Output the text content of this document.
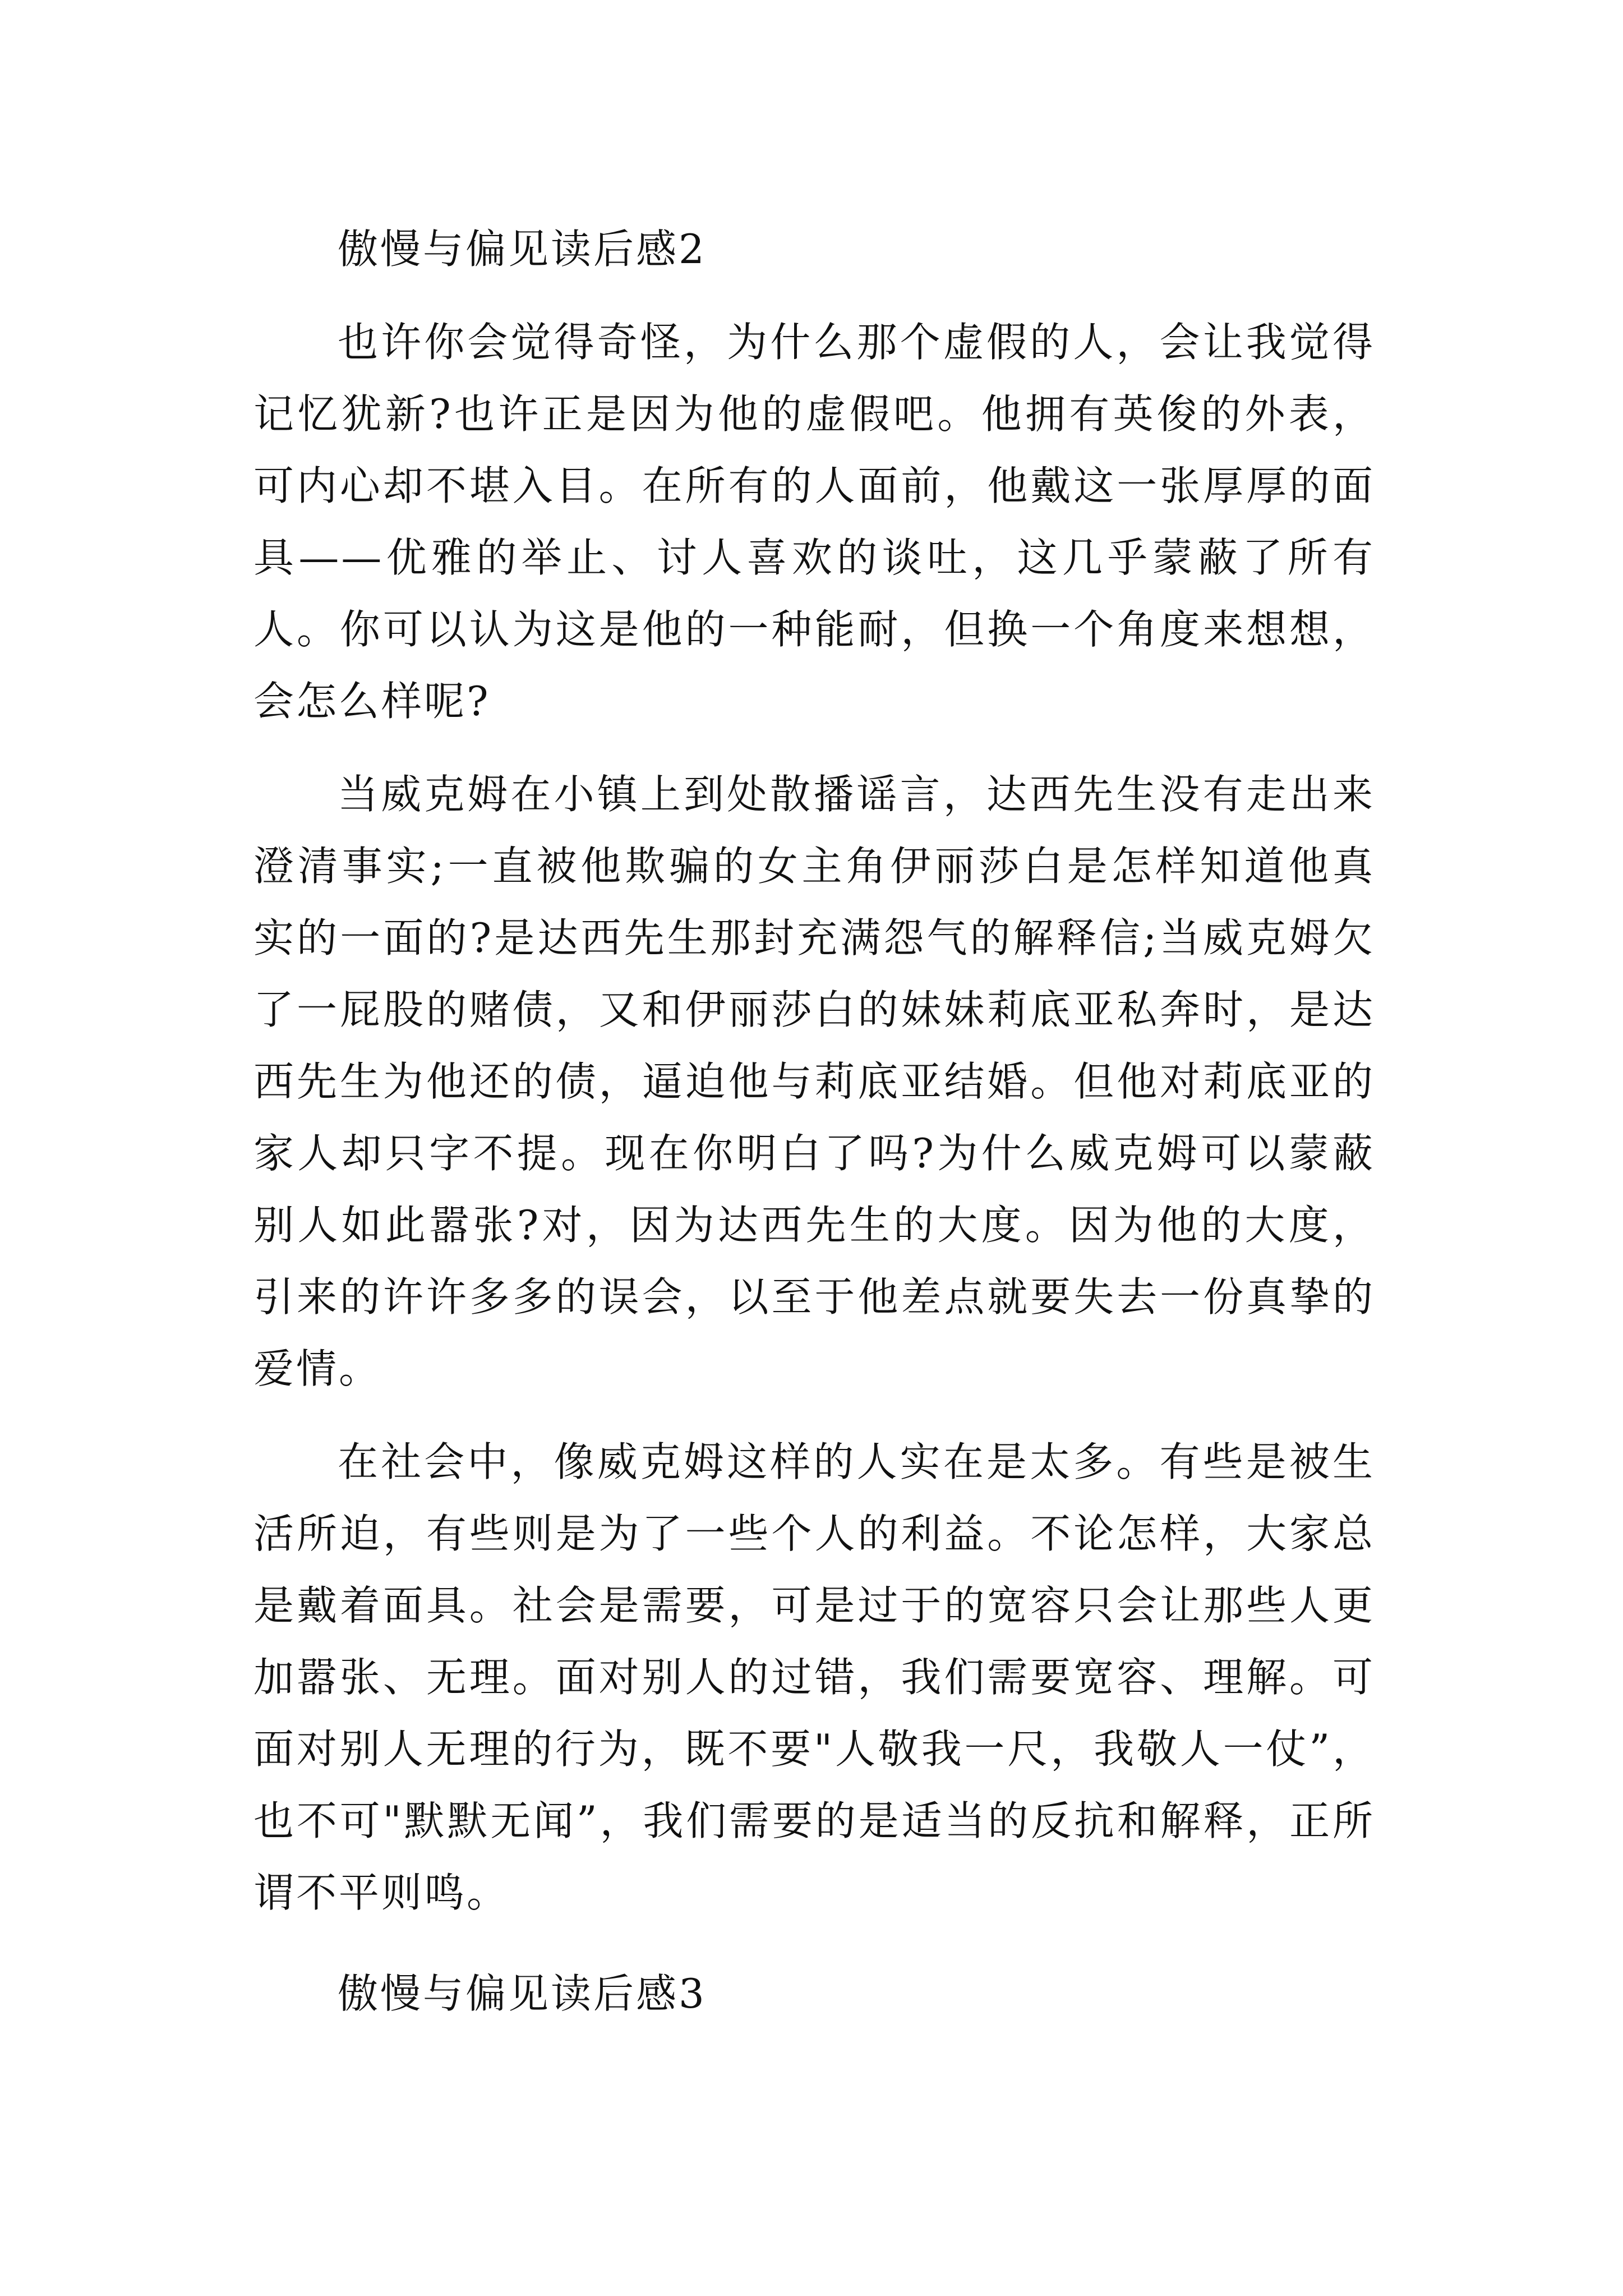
傲慢与偏见读后感2

也许你会觉得奇怪，为什么那个虚假的人，会让我觉得记忆犹新?也许正是因为他的虚假吧。他拥有英俊的外表，可内心却不堪入目。在所有的人面前，他戴这一张厚厚的面具——优雅的举止、讨人喜欢的谈吐，这几乎蒙蔽了所有人。你可以认为这是他的一种能耐，但换一个角度来想想，会怎么样呢?

当威克姆在小镇上到处散播谣言，达西先生没有走出来澄清事实;一直被他欺骗的女主角伊丽莎白是怎样知道他真实的一面的?是达西先生那封充满怨气的解释信;当威克姆欠了一屁股的赌债，又和伊丽莎白的妹妹莉底亚私奔时，是达西先生为他还的债，逼迫他与莉底亚结婚。但他对莉底亚的家人却只字不提。现在你明白了吗?为什么威克姆可以蒙蔽别人如此嚣张?对，因为达西先生的大度。因为他的大度，引来的许许多多的误会，以至于他差点就要失去一份真挚的爱情。

在社会中，像威克姆这样的人实在是太多。有些是被生活所迫，有些则是为了一些个人的利益。不论怎样，大家总是戴着面具。社会是需要，可是过于的宽容只会让那些人更加嚣张、无理。面对别人的过错，我们需要宽容、理解。可面对别人无理的行为，既不要"人敬我一尺，我敬人一仗”，也不可"默默无闻”，我们需要的是适当的反抗和解释，正所谓不平则鸣。

傲慢与偏见读后感3
